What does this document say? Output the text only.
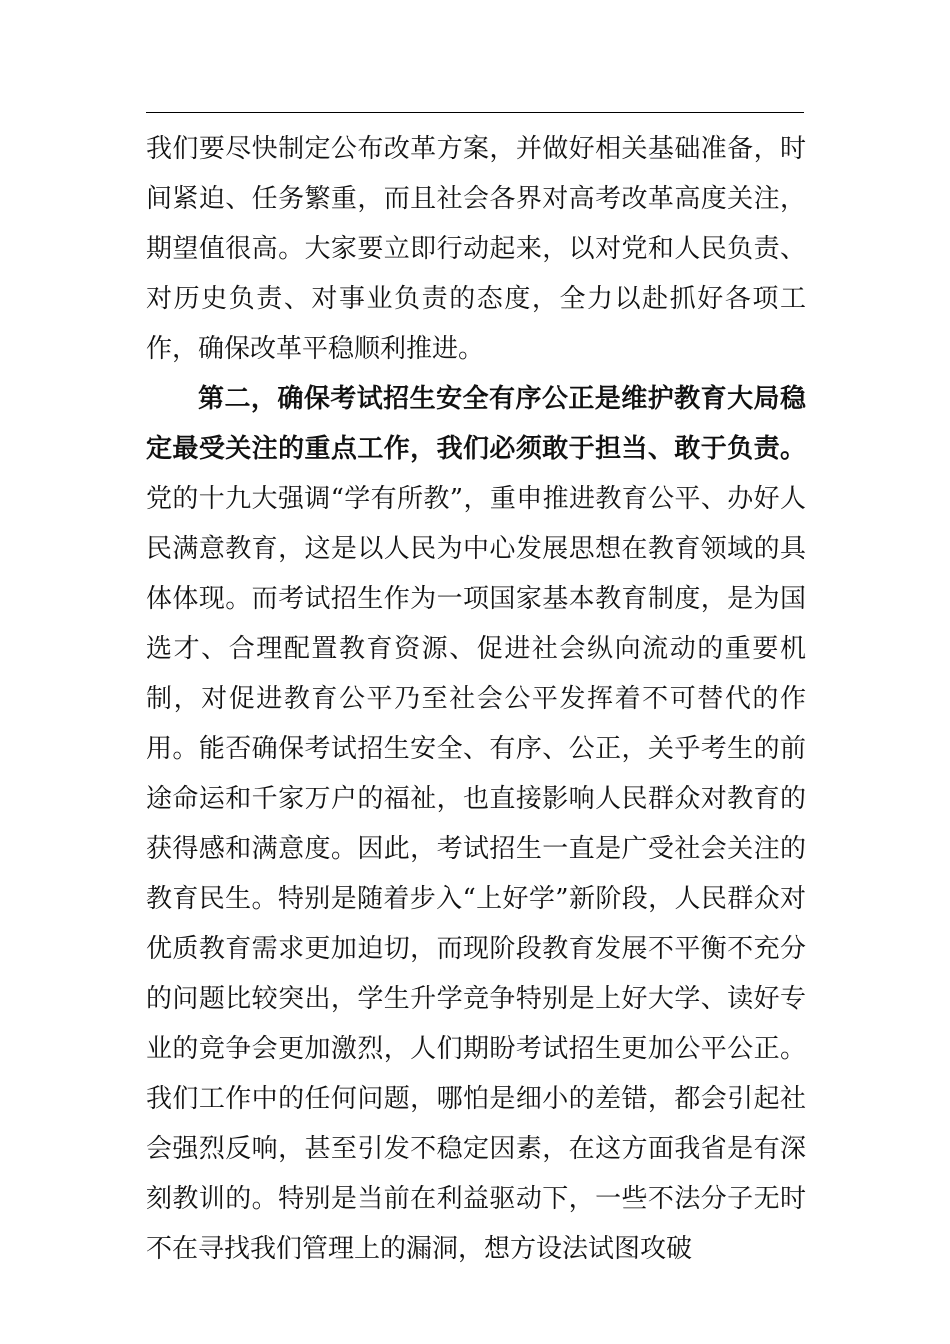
我们要尽快制定公布改革方案，并做好相关基础准备，时间紧迫、任务繁重，而且社会各界对高考改革高度关注，期望值很高。大家要立即行动起来，以对党和人民负责、对历史负责、对事业负责的态度，全力以赴抓好各项工作，确保改革平稳顺利推进。

第二，确保考试招生安全有序公正是维护教育大局稳定最受关注的重点工作，我们必须敢于担当、敢于负责。党的十九大强调“学有所教”，重申推进教育公平、办好人民满意教育，这是以人民为中心发展思想在教育领域的具体体现。而考试招生作为一项国家基本教育制度，是为国选才、合理配置教育资源、促进社会纵向流动的重要机制，对促进教育公平乃至社会公平发挥着不可替代的作用。能否确保考试招生安全、有序、公正，关乎考生的前途命运和千家万户的福祉，也直接影响人民群众对教育的获得感和满意度。因此，考试招生一直是广受社会关注的教育民生。特别是随着步入“上好学”新阶段，人民群众对优质教育需求更加迫切，而现阶段教育发展不平衡不充分的问题比较突出，学生升学竞争特别是上好大学、读好专业的竞争会更加激烈，人们期盼考试招生更加公平公正。我们工作中的任何问题，哪怕是细小的差错，都会引起社会强烈反响，甚至引发不稳定因素，在这方面我省是有深刻教训的。特别是当前在利益驱动下，一些不法分子无时不在寻找我们管理上的漏洞，想方设法试图攻破
